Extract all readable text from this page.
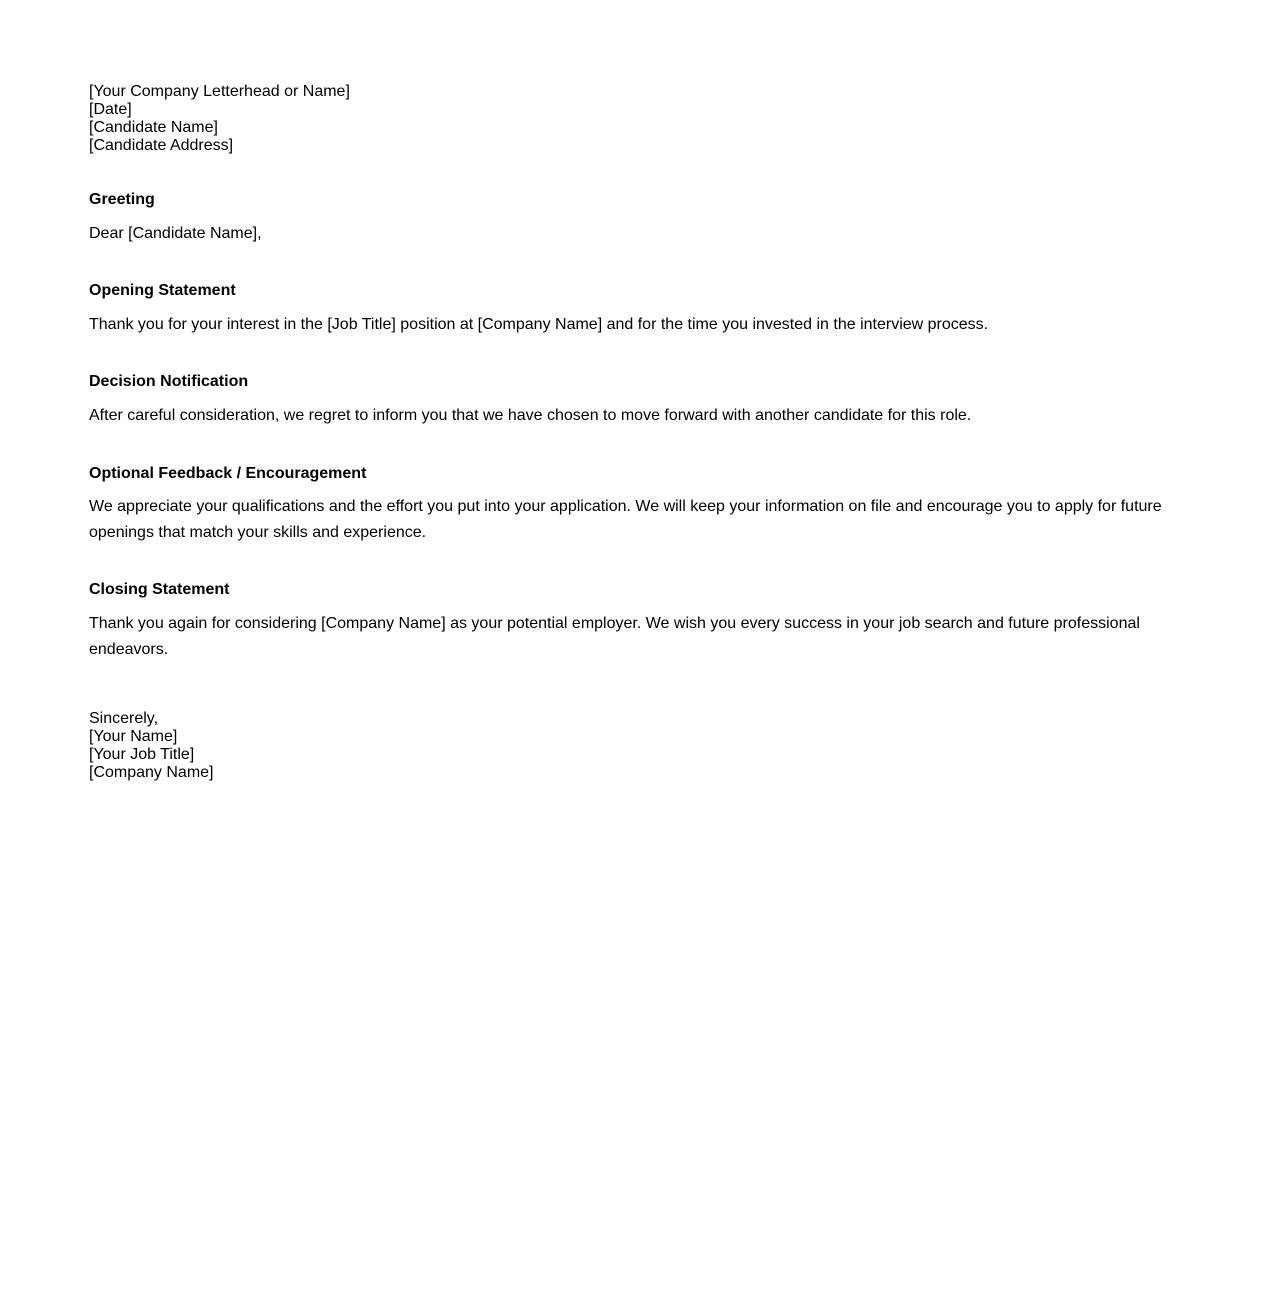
[Your Company Letterhead or Name]
[Date]
[Candidate Name]
[Candidate Address]
Greeting
Dear [Candidate Name],
Opening Statement
Thank you for your interest in the [Job Title] position at [Company Name] and for the time you invested in the interview process.
Decision Notification
After careful consideration, we regret to inform you that we have chosen to move forward with another candidate for this role.
Optional Feedback / Encouragement
We appreciate your qualifications and the effort you put into your application. We will keep your information on file and encourage you to apply for future openings that match your skills and experience.
Closing Statement
Thank you again for considering [Company Name] as your potential employer. We wish you every success in your job search and future professional endeavors.
Sincerely,
[Your Name]
[Your Job Title]
[Company Name]
